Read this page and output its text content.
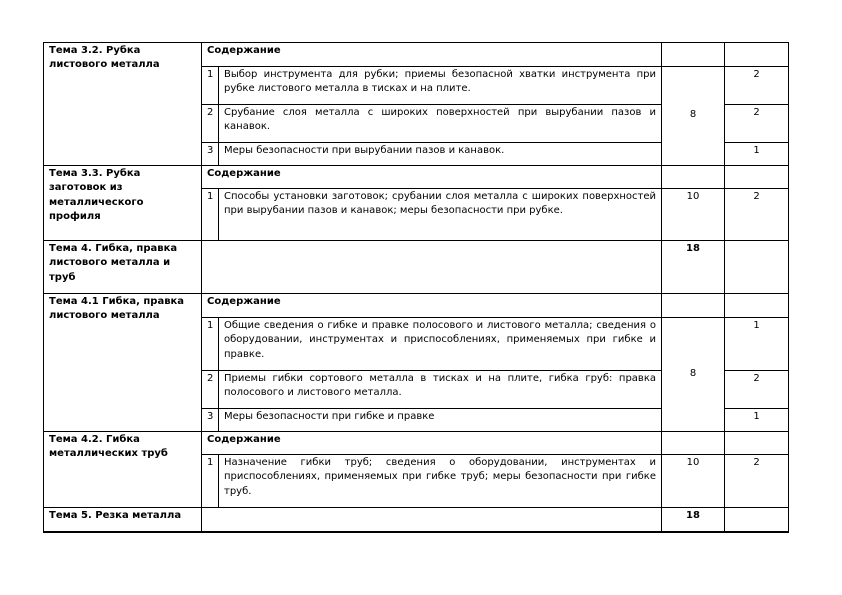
Тема 3.2. Рубка листового металла	Содержание			
	1	Выбор инструмента для рубки; приемы безопасной хватки инструмента при рубке листового металла в тисках и на плите.	8	2
	2	Срубание слоя металла с широких поверхностей при вырубании пазов и канавок.		2
	3	Меры безопасности при вырубании пазов и канавок.		1
Тема 3.3. Рубка заготовок из металлического профиля	Содержание			
	1	Способы установки заготовок; срубании слоя металла с широких поверхностей при вырубании пазов и канавок; меры безопасности при рубке.	10	2
Тема 4. Гибка, правка листового металла и труб			18	
Тема 4.1 Гибка, правка листового металла	Содержание			
	1	Общие сведения о гибке и правке полосового и листового металла; сведения о оборудовании, инструментах и приспособлениях, применяемых при гибке и правке.	8	1
	2	Приемы гибки сортового металла в тисках и на плите, гибка груб: правка полосового и листового металла.		2
	3	Меры безопасности при гибке и правке		1
Тема 4.2. Гибка металлических труб	Содержание			
	1	Назначение гибки труб; сведения о оборудовании, инструментах и приспособлениях, применяемых при гибке труб; меры безопасности при гибке труб.	10	2
Тема 5. Резка металла			18	
